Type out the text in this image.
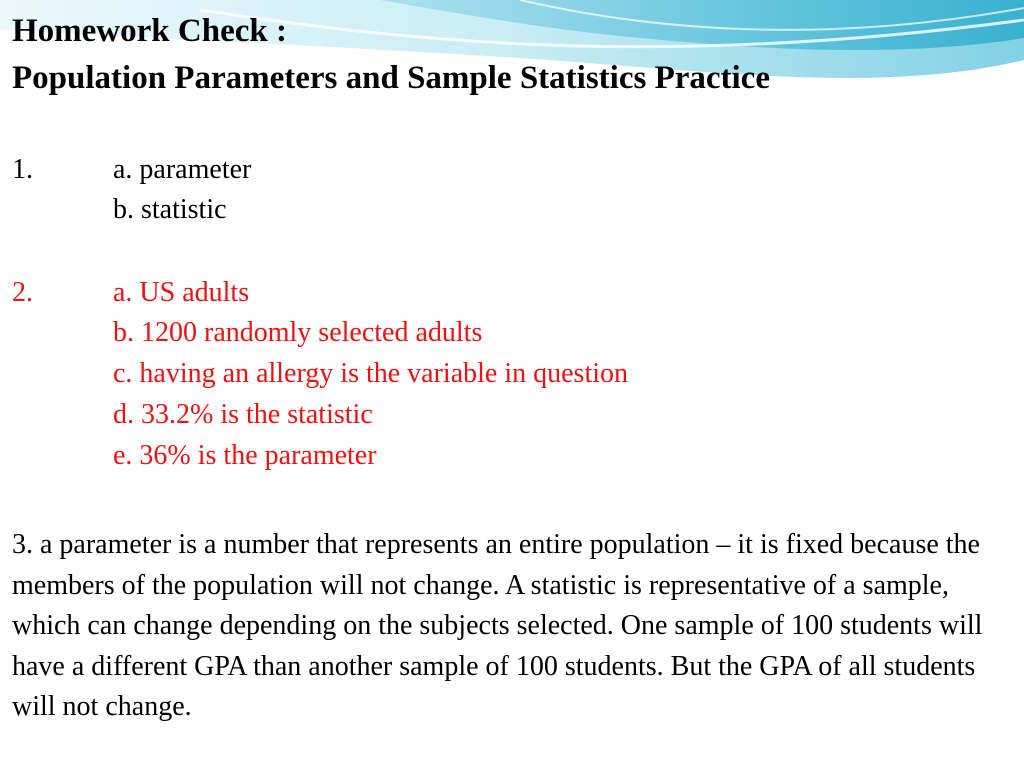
Homework Check :
Population Parameters and Sample Statistics Practice

1.	a. parameter

b. statistic

2.	a. US adults

b. 1200 randomly selected adults

c. having an allergy is the variable in question

d. 33.2% is the statistic

e. 36% is the parameter

3. a parameter is a number that represents an entire population – it is fixed because the members of the population will not change. A statistic is representative of a sample, which can change depending on the subjects selected. One sample of 100 students will have a different GPA than another sample of 100 students. But the GPA of all students will not change.
